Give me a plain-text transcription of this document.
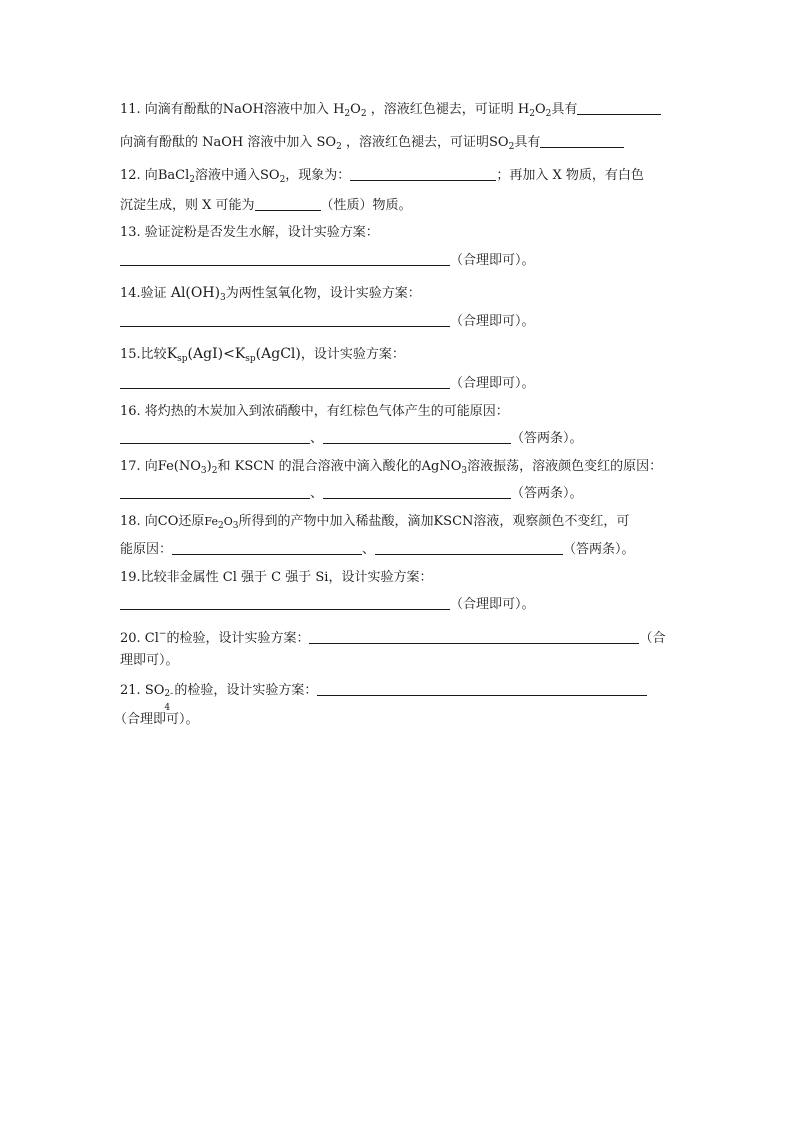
11. 向滴有酚酞的NaOH溶液中加入 $H_2O_2$ ，溶液红色褪去，可证明 $H_2O_2$具有
向滴有酚酞的 NaOH 溶液中加入 $SO_2$ ，溶液红色褪去，可证明$SO_2$具有
12. 向BaCl$_2$溶液中通入$SO_2$，现象为：	；再加入 X 物质，有白色
沉淀生成，则 X 可能为	（性质）物质。
13. 验证淀粉是否发生水解，设计实验方案：
（合理即可）。
14.验证 $Al(OH)_3$为两性氢氧化物，设计实验方案：
（合理即可）。
15.比较$K_{sp}(AgI)<K_{sp}(AgCl)$，设计实验方案：
（合理即可）。
16. 将灼热的木炭加入到浓硝酸中，有红棕色气体产生的可能原因：
、	（答两条）。
17. 向$Fe(NO_3)_2$和 KSCN 的混合溶液中滴入酸化的AgNO$_3$溶液振荡，溶液颜色变红的原因：
、	（答两条）。
18. 向CO还原$Fe_2O_3$所得到的产物中加入稀盐酸，滴加KSCN溶液，观察颜色不变红，可
能原因：	、	（答两条）。
19.比较非金属性 Cl 强于 C 强于 Si，设计实验方案：
（合理即可）。
20. Cl−的检验，设计实验方案：	（合
理即可）。
21. SO 2-
4
的检验，设计实验方案：
（合理即可）。
